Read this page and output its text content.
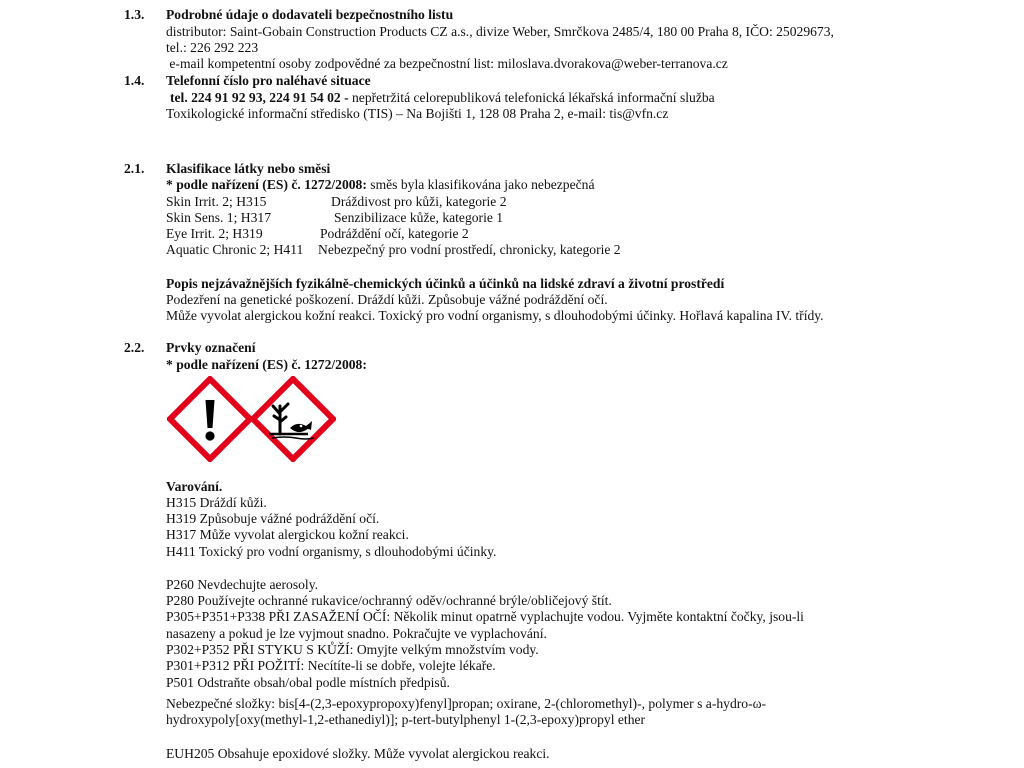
1.3. Podrobné údaje o dodavateli bezpečnostního listu
distributor: Saint-Gobain Construction Products CZ a.s., divize Weber, Smrčkova 2485/4, 180 00 Praha 8, IČO: 25029673,
tel.: 226 292 223
e-mail kompetentní osoby zodpovědné za bezpečnostní list: miloslava.dvorakova@weber-terranova.cz
1.4. Telefonní číslo pro naléhavé situace
tel. 224 91 92 93, 224 91 54 02 - nepřetržitá celorepubliková telefonická lékařská informační služba
Toxikologické informační středisko (TIS) – Na Bojišti 1, 128 08 Praha 2, e-mail: tis@vfn.cz
2.1. Klasifikace látky nebo směsi
* podle nařízení (ES) č. 1272/2008: směs byla klasifikována jako nebezpečná
Skin Irrit. 2; H315	Dráždivost pro kůži, kategorie 2
Skin Sens. 1; H317	Senzibilizace kůže, kategorie 1
Eye Irrit. 2; H319	Podráždění očí, kategorie 2
Aquatic Chronic 2; H411 Nebezpečný pro vodní prostředí, chronicky, kategorie 2
Popis nejzávažnějších fyzikálně-chemických účinků a účinků na lidské zdraví a životní prostředí
Podezření na genetické poškození. Dráždí kůži. Způsobuje vážné podráždění očí.
Může vyvolat alergickou kožní reakci. Toxický pro vodní organismy, s dlouhodobými účinky. Hořlavá kapalina IV. třídy.
2.2. Prvky označení
* podle nařízení (ES) č. 1272/2008:
Varování.
H315 Dráždí kůži.
H319 Způsobuje vážné podráždění očí.
H317 Může vyvolat alergickou kožní reakci.
H411 Toxický pro vodní organismy, s dlouhodobými účinky.
P260 Nevdechujte aerosoly.
P280 Používejte ochranné rukavice/ochranný oděv/ochranné brýle/obličejový štít.
P305+P351+P338 PŘI ZASAŽENÍ OČÍ: Několik minut opatrně vyplachujte vodou. Vyjměte kontaktní čočky, jsou-li
nasazeny a pokud je lze vyjmout snadno. Pokračujte ve vyplachování.
P302+P352 PŘI STYKU S KŮŽÍ: Omyjte velkým množstvím vody.
P301+P312 PŘI POŽITÍ: Necítíte-li se dobře, volejte lékaře.
P501 Odstraňte obsah/obal podle místních předpisů.
Nebezpečné složky: bis[4-(2,3-epoxypropoxy)fenyl]propan; oxirane, 2-(chloromethyl)-, polymer s a-hydro-ω-
hydroxypoly[oxy(methyl-1,2-ethanediyl)]; p-tert-butylphenyl 1-(2,3-epoxy)propyl ether
EUH205 Obsahuje epoxidové složky. Může vyvolat alergickou reakci.
